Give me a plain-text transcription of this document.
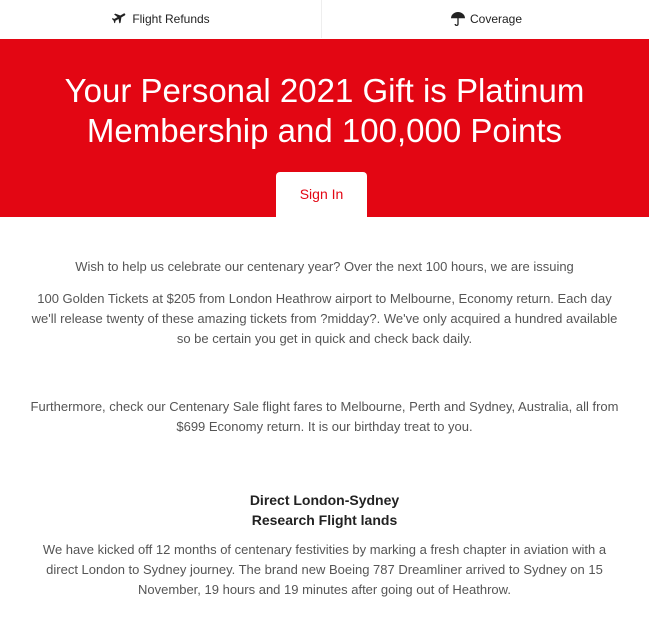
Flight Refunds	Coverage
Your Personal 2021 Gift is Platinum
Membership and 100,000 Points
Sign In

Wish to help us celebrate our centenary year? Over the next 100 hours, we are issuing

100 Golden Tickets at $205 from London Heathrow airport to Melbourne, Economy return. Each day we'll release twenty of these amazing tickets from ?midday?. We've only acquired a hundred available so be certain you get in quick and check back daily.

Furthermore, check our Centenary Sale flight fares to Melbourne, Perth and Sydney, Australia, all from $699 Economy return. It is our birthday treat to you.

Direct London-Sydney
Research Flight lands

We have kicked off 12 months of centenary festivities by marking a fresh chapter in aviation with a direct London to Sydney journey. The brand new Boeing 787 Dreamliner arrived to Sydney on 15 November, 19 hours and 19 minutes after going out of Heathrow.
